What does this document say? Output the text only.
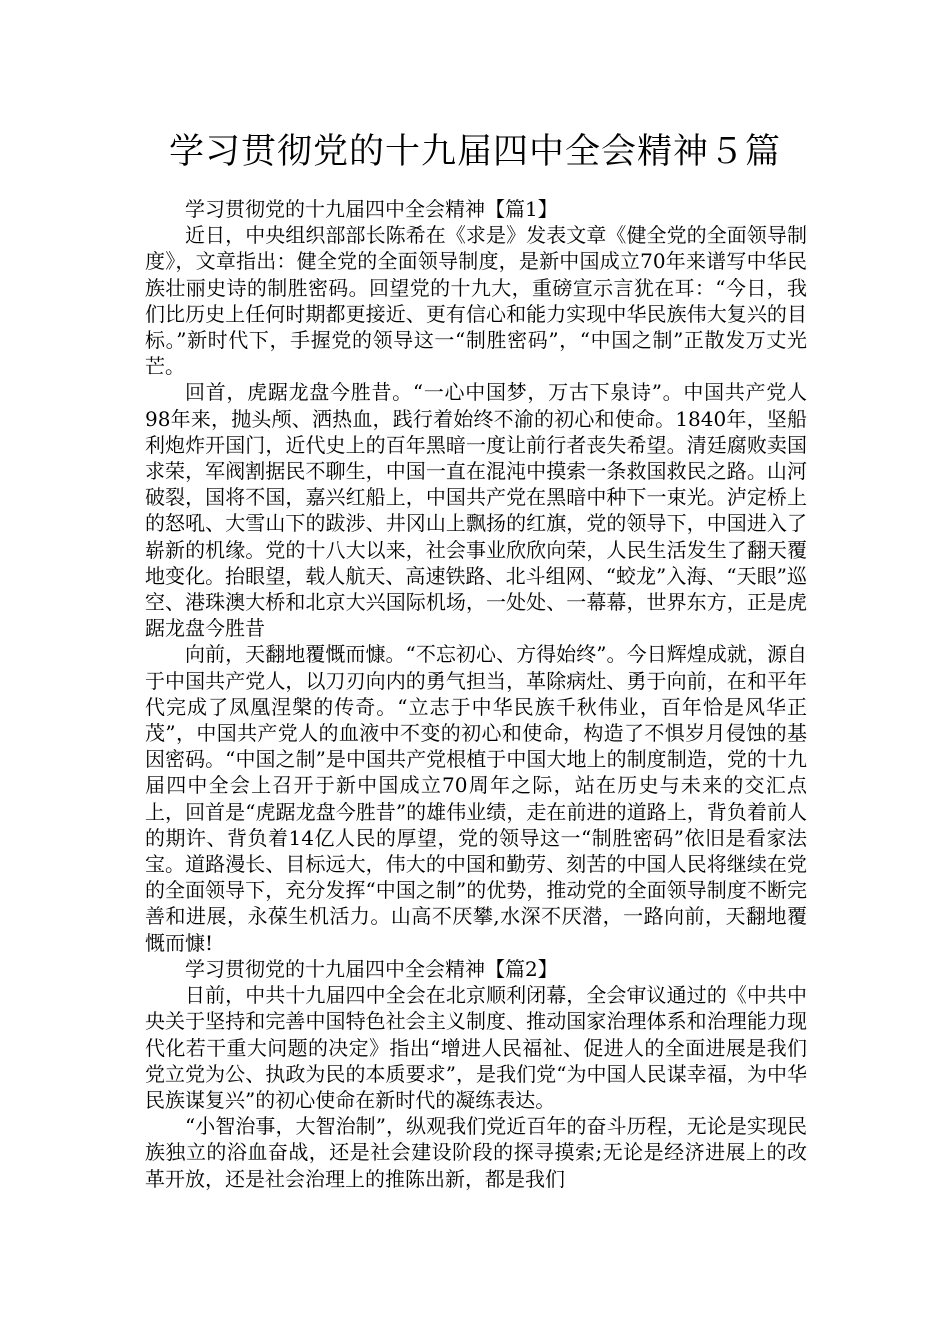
学习贯彻党的十九届四中全会精神５篇

学习贯彻党的十九届四中全会精神【篇1】

近日，中央组织部部长陈希在《求是》发表文章《健全党的全面领导制度》，文章指出：健全党的全面领导制度，是新中国成立70年来谱写中华民族壮丽史诗的制胜密码。回望党的十九大，重磅宣示言犹在耳：“今日，我们比历史上任何时期都更接近、更有信心和能力实现中华民族伟大复兴的目标。”新时代下，手握党的领导这一“制胜密码”，“中国之制”正散发万丈光芒。

回首，虎踞龙盘今胜昔。“一心中国梦，万古下泉诗”。中国共产党人98年来，抛头颅、洒热血，践行着始终不渝的初心和使命。1840年，坚船利炮炸开国门，近代史上的百年黑暗一度让前行者丧失希望。清廷腐败卖国求荣，军阀割据民不聊生，中国一直在混沌中摸索一条救国救民之路。山河破裂，国将不国，嘉兴红船上，中国共产党在黑暗中种下一束光。泸定桥上的怒吼、大雪山下的跋涉、井冈山上飘扬的红旗，党的领导下，中国进入了崭新的机缘。党的十八大以来，社会事业欣欣向荣，人民生活发生了翻天覆地变化。抬眼望，载人航天、高速铁路、北斗组网、“蛟龙”入海、“天眼”巡空、港珠澳大桥和北京大兴国际机场，一处处、一幕幕，世界东方，正是虎踞龙盘今胜昔

向前，天翻地覆慨而慷。“不忘初心、方得始终”。今日辉煌成就，源自于中国共产党人，以刀刃向内的勇气担当，革除病灶、勇于向前，在和平年代完成了凤凰涅槃的传奇。“立志于中华民族千秋伟业，百年恰是风华正茂”，中国共产党人的血液中不变的初心和使命，构造了不惧岁月侵蚀的基因密码。“中国之制”是中国共产党根植于中国大地上的制度制造，党的十九届四中全会上召开于新中国成立70周年之际，站在历史与未来的交汇点上，回首是“虎踞龙盘今胜昔”的雄伟业绩，走在前进的道路上，背负着前人的期许、背负着14亿人民的厚望，党的领导这一“制胜密码”依旧是看家法宝。道路漫长、目标远大，伟大的中国和勤劳、刻苦的中国人民将继续在党的全面领导下，充分发挥“中国之制”的优势，推动党的全面领导制度不断完善和进展，永葆生机活力。山高不厌攀,水深不厌潜，一路向前，天翻地覆慨而慷!

学习贯彻党的十九届四中全会精神【篇2】

日前，中共十九届四中全会在北京顺利闭幕，全会审议通过的《中共中央关于坚持和完善中国特色社会主义制度、推动国家治理体系和治理能力现代化若干重大问题的决定》指出“增进人民福祉、促进人的全面进展是我们党立党为公、执政为民的本质要求”，是我们党“为中国人民谋幸福，为中华民族谋复兴”的初心使命在新时代的凝练表达。

“小智治事，大智治制”，纵观我们党近百年的奋斗历程，无论是实现民族独立的浴血奋战，还是社会建设阶段的探寻摸索;无论是经济进展上的改革开放，还是社会治理上的推陈出新，都是我们
